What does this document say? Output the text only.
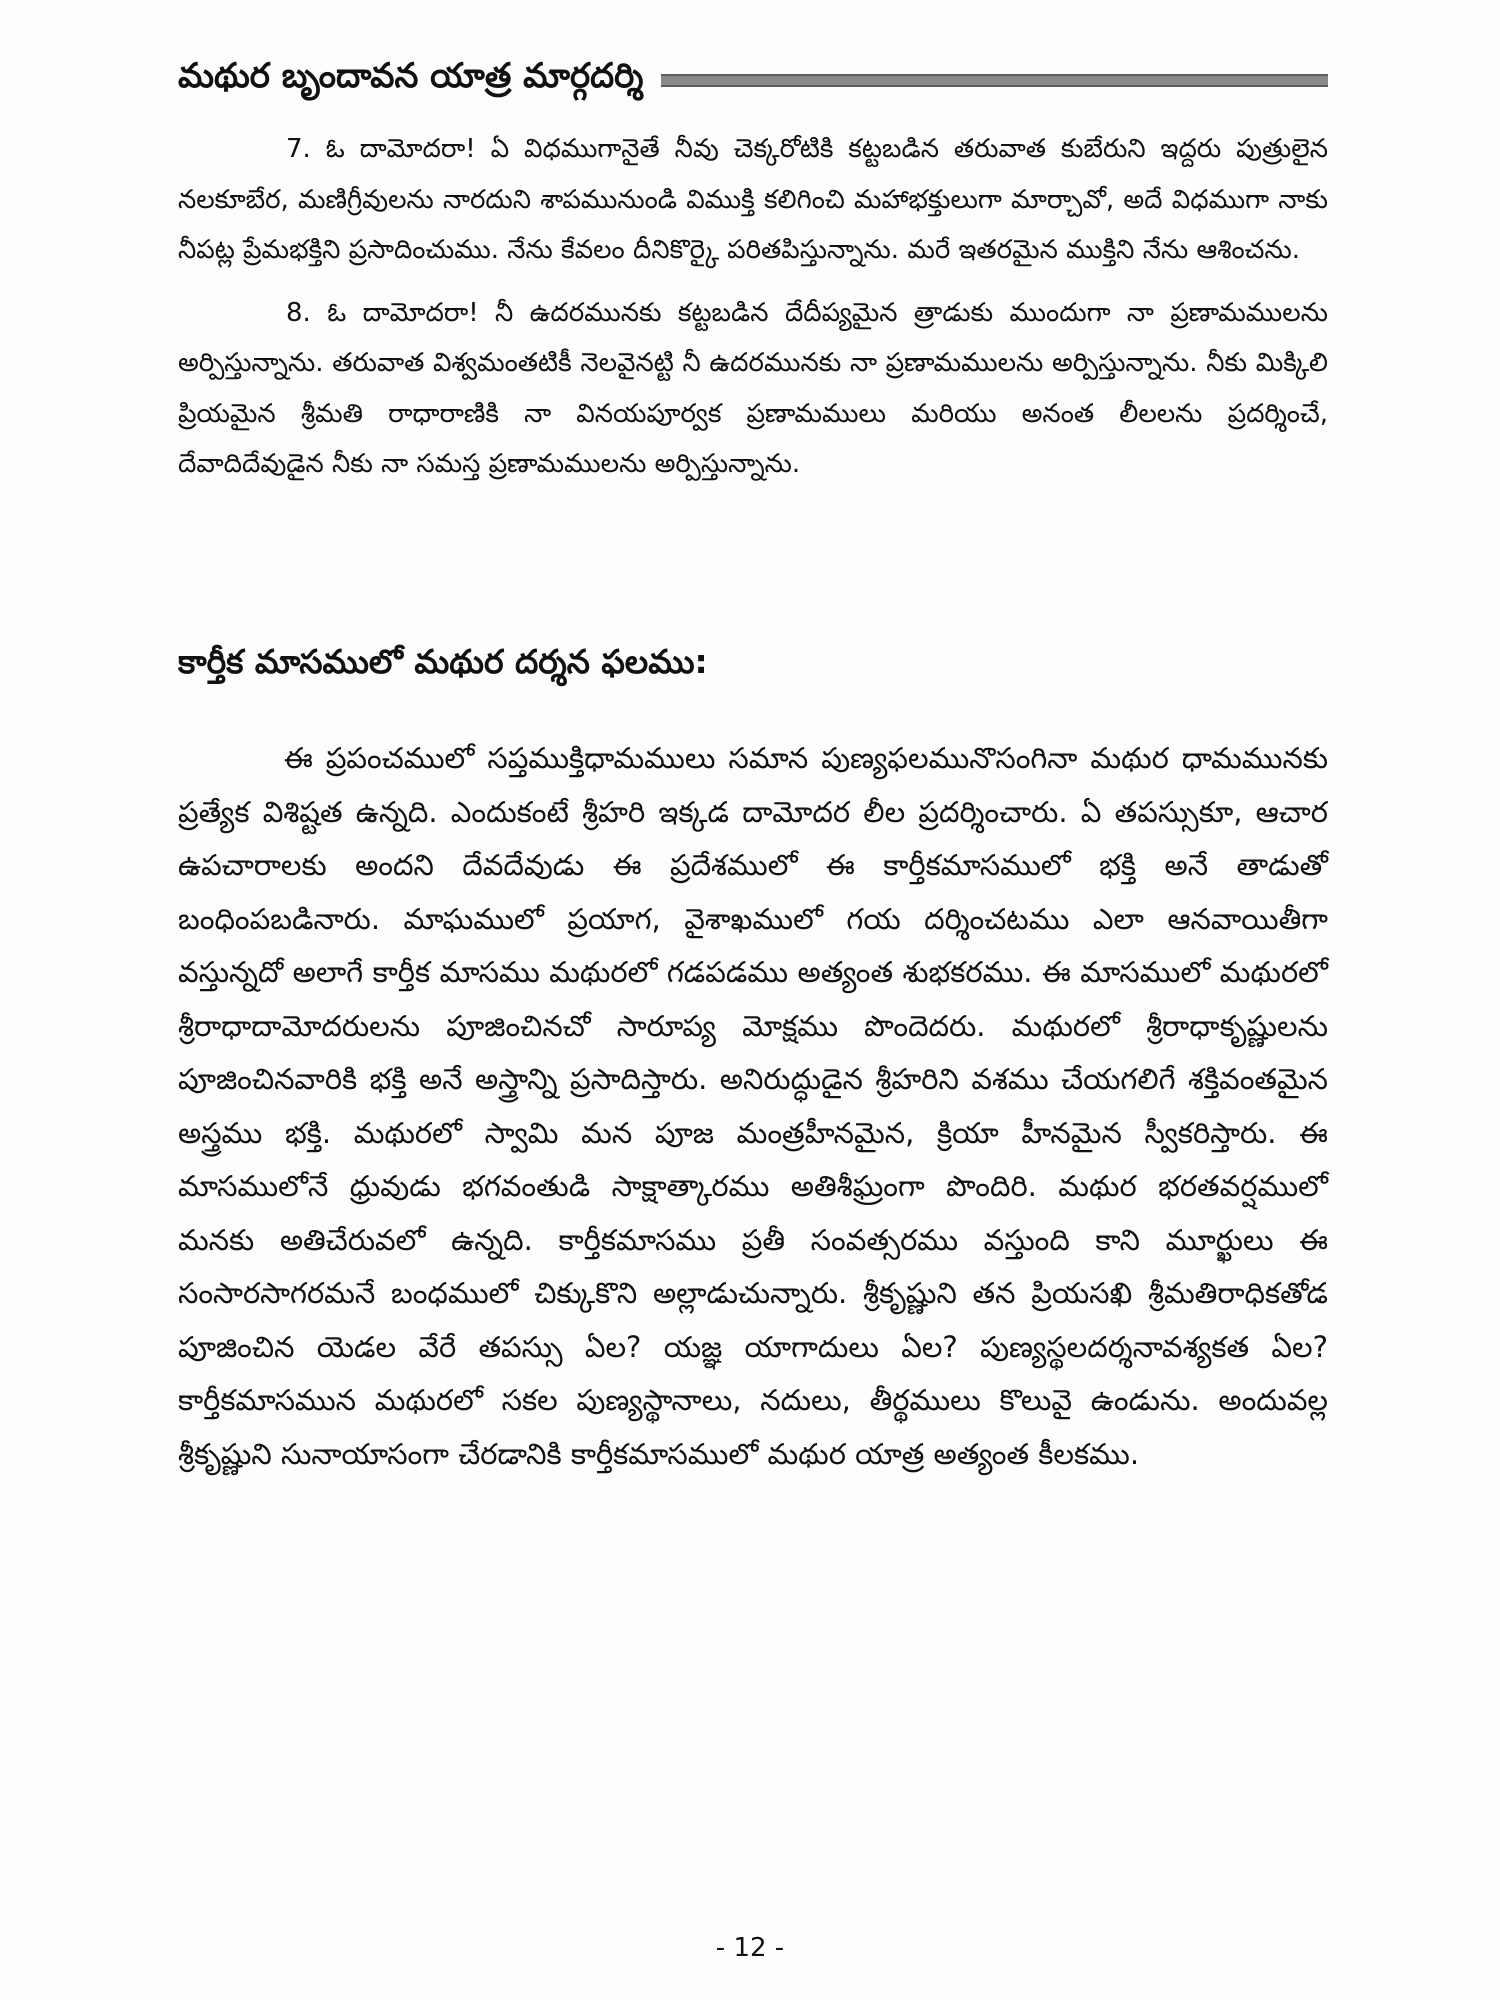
మథుర బృందావన యాత్ర మార్గదర్శి

7. ఓ దామోదరా! ఏ విధముగానైతే నీవు చెక్కరోటికి కట్టబడిన తరువాత కుబేరుని ఇద్దరు పుత్రులైన నలకూబేర, మణిగ్రీవులను నారదుని శాపమునుండి విముక్తి కలిగించి మహాభక్తులుగా మార్చావో, అదే విధముగా నాకు నీపట్ల ప్రేమభక్తిని ప్రసాదించుము. నేను కేవలం దీనికొర్కై పరితపిస్తున్నాను. మరే ఇతరమైన ముక్తిని నేను ఆశించను.

8. ఓ దామోదరా! నీ ఉదరమునకు కట్టబడిన దేదీప్యమైన త్రాడుకు ముందుగా నా ప్రణామములను అర్పిస్తున్నాను. తరువాత విశ్వమంతటికీ నెలవైనట్టి నీ ఉదరమునకు నా ప్రణామములను అర్పిస్తున్నాను. నీకు మిక్కిలి ప్రియమైన శ్రీమతి రాధారాణికి నా వినయపూర్వక ప్రణామములు మరియు అనంత లీలలను ప్రదర్శించే, దేవాదిదేవుడైన నీకు నా సమస్త ప్రణామములను అర్పిస్తున్నాను.

కార్తీక మాసములో మథుర దర్శన ఫలము:

ఈ ప్రపంచములో సప్తముక్తిధామములు సమాన పుణ్యఫలమునొసంగినా మథుర ధామమునకు ప్రత్యేక విశిష్టత ఉన్నది. ఎందుకంటే శ్రీహరి ఇక్కడ దామోదర లీల ప్రదర్శించారు. ఏ తపస్సుకూ, ఆచార ఉపచారాలకు అందని దేవదేవుడు ఈ ప్రదేశములో ఈ కార్తీకమాసములో భక్తి అనే తాడుతో బంధింపబడినారు. మాఘములో ప్రయాగ, వైశాఖములో గయ దర్శించటము ఎలా ఆనవాయితీగా వస్తున్నదో అలాగే కార్తీక మాసము మథురలో గడపడము అత్యంత శుభకరము. ఈ మాసములో మథురలో శ్రీరాధాదామోదరులను పూజించినచో సారూప్య మోక్షము పొందెదరు. మథురలో శ్రీరాధాకృష్ణులను పూజించినవారికి భక్తి అనే అస్త్రాన్ని ప్రసాదిస్తారు. అనిరుద్ధుడైన శ్రీహరిని వశము చేయగలిగే శక్తివంతమైన అస్త్రము భక్తి. మథురలో స్వామి మన పూజ మంత్రహీనమైన, క్రియా హీనమైన స్వీకరిస్తారు. ఈ మాసములోనే ధ్రువుడు భగవంతుడి సాక్షాత్కారము అతిశీఘ్రంగా పొందిరి. మథుర భరతవర్షములో మనకు అతిచేరువలో ఉన్నది. కార్తీకమాసము ప్రతీ సంవత్సరము వస్తుంది కాని మూర్ఖులు ఈ సంసారసాగరమనే బంధములో చిక్కుకొని అల్లాడుచున్నారు. శ్రీకృష్ణుని తన ప్రియసఖి శ్రీమతిరాధికతోడ పూజించిన యెడల వేరే తపస్సు ఏల? యజ్ఞ యాగాదులు ఏల? పుణ్యస్థలదర్శనావశ్యకత ఏల? కార్తీకమాసమున మథురలో సకల పుణ్యస్థానాలు, నదులు, తీర్థములు కొలువై ఉండును. అందువల్ల శ్రీకృష్ణుని సునాయాసంగా చేరడానికి కార్తీకమాసములో మథుర యాత్ర అత్యంత కీలకము.

- 12 -
